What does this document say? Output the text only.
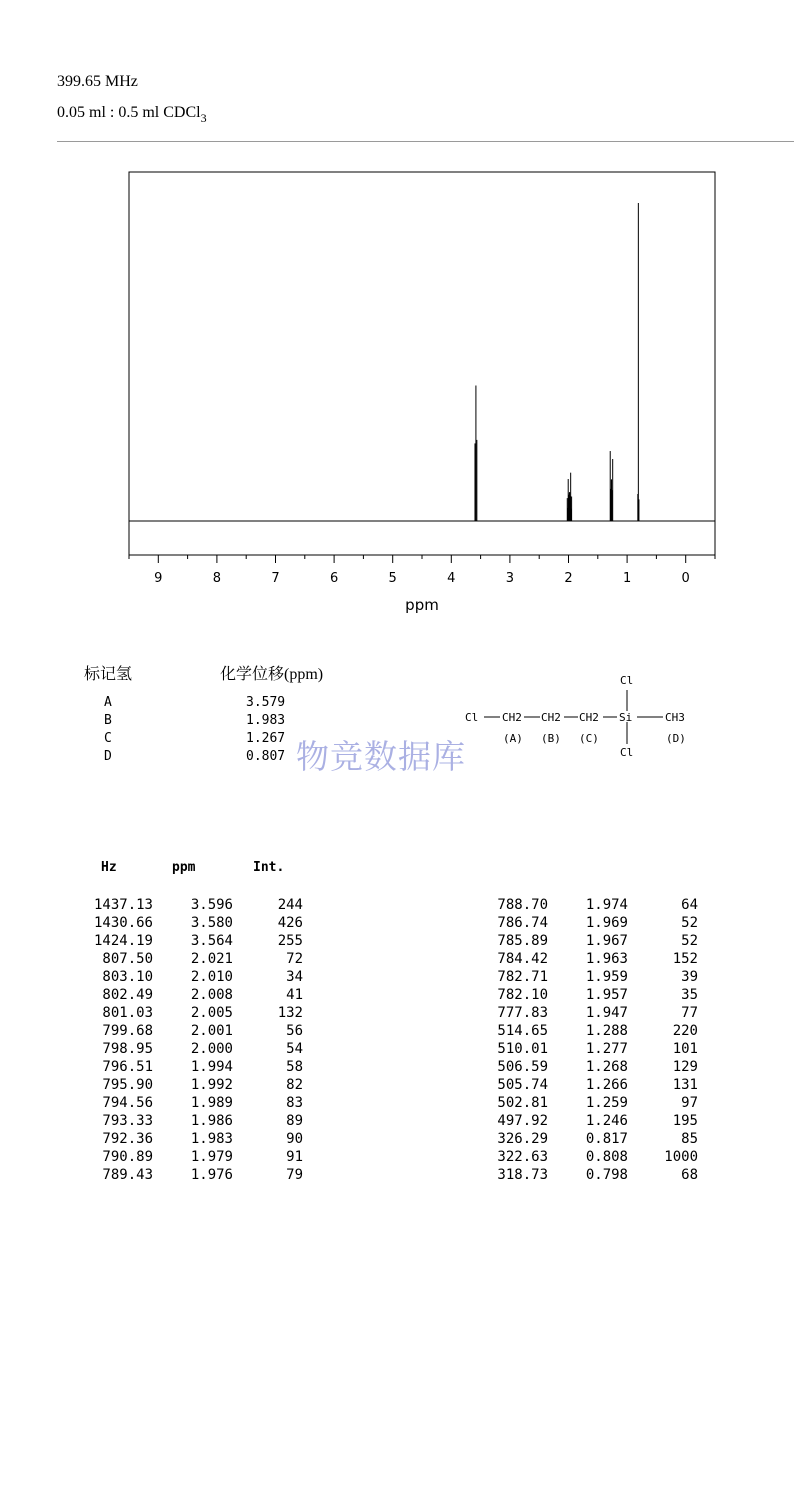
399.65 MHz
0.05 ml : 0.5 ml CDCl$_3$
9	8	7	6	5	4	3	2	1	0
ppm
标记氢	化学位移(ppm)
A	3.579
B	1.983
C	1.267
D	0.807
Cl
Cl
Cl CH2 CH2 CH2 Si	CH3
(A) (B) (C)	(D)
物竞数据库
Hz	ppm	Int.
1437.13	3.596	244
1430.66	3.580	426
1424.19	3.564	255
807.50	2.021	72
803.10	2.010	34
802.49	2.008	41
801.03	2.005	132
799.68	2.001	56
798.95	2.000	54
796.51	1.994	58
795.90	1.992	82
794.56	1.989	83
793.33	1.986	89
792.36	1.983	90
790.89	1.979	91
789.43	1.976	79
788.70	1.974	64
786.74	1.969	52
785.89	1.967	52
784.42	1.963	152
782.71	1.959	39
782.10	1.957	35
777.83	1.947	77
514.65	1.288	220
510.01	1.277	101
506.59	1.268	129
505.74	1.266	131
502.81	1.259	97
497.92	1.246	195
326.29	0.817	85
322.63	0.808	1000
318.73	0.798	68
